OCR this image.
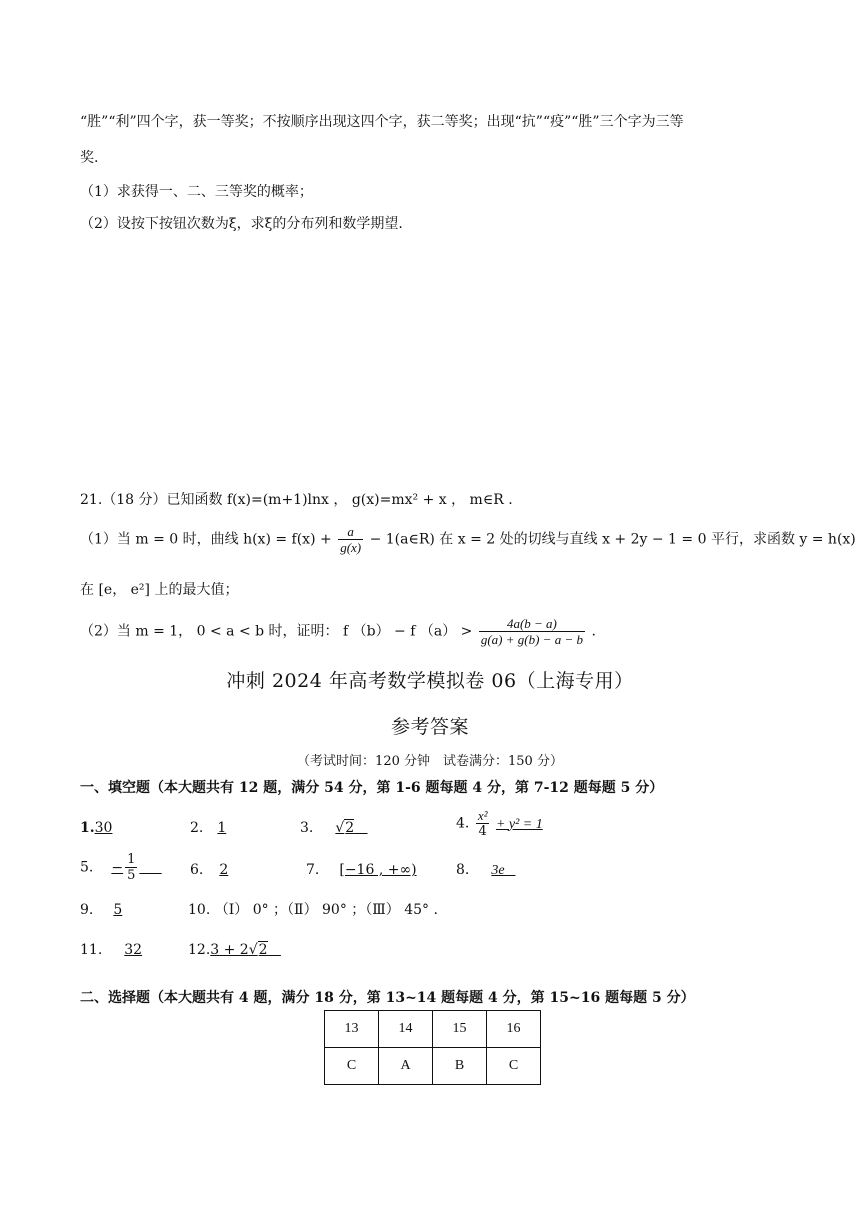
“胜”“利”四个字，获一等奖；不按顺序出现这四个字，获二等奖；出现“抗”“疫”“胜”三个字为三等
奖.
（1）求获得一、二、三等奖的概率；
（2）设按下按钮次数为ξ，求ξ的分布列和数学期望.
21.（18 分）已知函数 f(x)=(m+1)lnx ， g(x)=mx² + x ， m∈R .
（1）当 m = 0 时，曲线 $h(x) = f(x) + \frac{a}{g(x)}$ − 1(a∈R) 在 x = 2 处的切线与直线 x + 2y − 1 = 0 平行，求函数 y = h(x)
在 [e， e²] 上的最大值；
（2）当 m = 1， 0 < a < b 时，证明： f （b） − f $(a) > \frac{4a(b - a)}{g(a) + g(b) - a - b}$ .
冲刺 2024 年高考数学模拟卷 06（上海专用）
参考答案
（考试时间：120 分钟　试卷满分：150 分）
一、填空题（本大题共有 12 题，满分 54 分，第 1-6 题每题 4 分，第 7-12 题每题 5 分）
1.30	2. 1	3. √2	4. $\frac{\text{x²}}{4} + y^2 = 1$
5. − $\frac{1}{5}$
	6. 2	7. [−16 , +∞)	8. 3e⃗
9. 5	10. （Ⅰ） 0° ；（Ⅱ） 90° ；（Ⅲ） 45° .
11. 32	12.3 + 2√2
二、选择题（本大题共有 4 题，满分 18 分，第 13~14 题每题 4 分，第 15~16 题每题 5 分）
13	14	15	16
C	A	B	C
